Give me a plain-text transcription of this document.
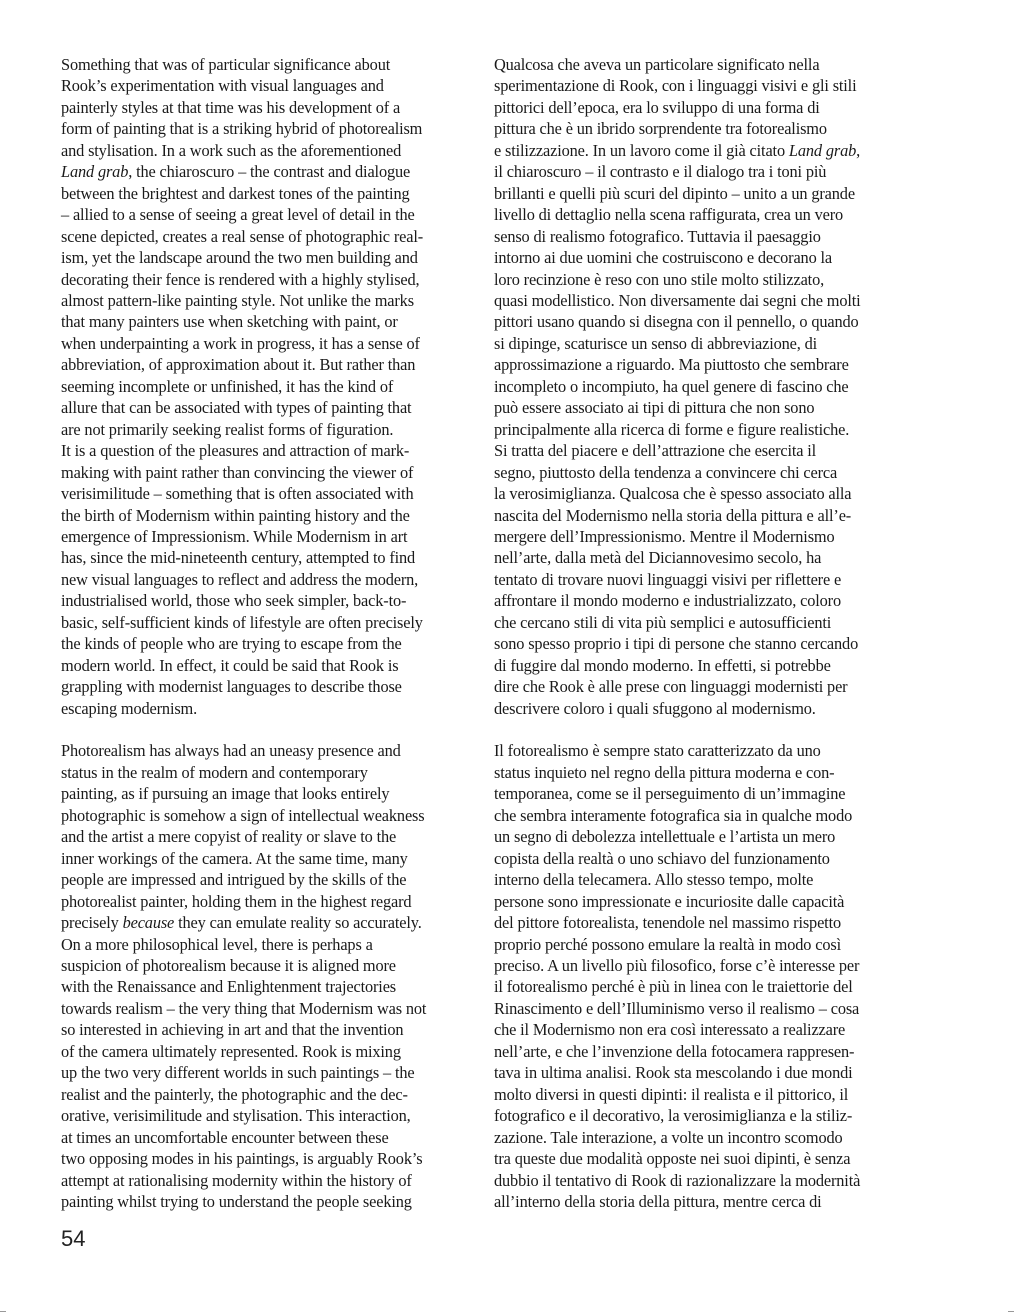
Something that was of particular significance about
Rook’s experimentation with visual languages and
painterly styles at that time was his development of a
form of painting that is a striking hybrid of photorealism
and stylisation. In a work such as the aforementioned
Land grab, the chiaroscuro – the contrast and dialogue
between the brightest and darkest tones of the painting
– allied to a sense of seeing a great level of detail in the
scene depicted, creates a real sense of photographic real-
ism, yet the landscape around the two men building and
decorating their fence is rendered with a highly stylised,
almost pattern-like painting style. Not unlike the marks
that many painters use when sketching with paint, or
when underpainting a work in progress, it has a sense of
abbreviation, of approximation about it. But rather than
seeming incomplete or unfinished, it has the kind of
allure that can be associated with types of painting that
are not primarily seeking realist forms of figuration.
It is a question of the pleasures and attraction of mark-
making with paint rather than convincing the viewer of
verisimilitude – something that is often associated with
the birth of Modernism within painting history and the
emergence of Impressionism. While Modernism in art
has, since the mid-nineteenth century, attempted to find
new visual languages to reflect and address the modern,
industrialised world, those who seek simpler, back-to-
basic, self-sufficient kinds of lifestyle are often precisely
the kinds of people who are trying to escape from the
modern world. In effect, it could be said that Rook is
grappling with modernist languages to describe those
escaping modernism.
Photorealism has always had an uneasy presence and
status in the realm of modern and contemporary
painting, as if pursuing an image that looks entirely
photographic is somehow a sign of intellectual weakness
and the artist a mere copyist of reality or slave to the
inner workings of the camera. At the same time, many
people are impressed and intrigued by the skills of the
photorealist painter, holding them in the highest regard
precisely because they can emulate reality so accurately.
On a more philosophical level, there is perhaps a
suspicion of photorealism because it is aligned more
with the Renaissance and Enlightenment trajectories
towards realism – the very thing that Modernism was not
so interested in achieving in art and that the invention
of the camera ultimately represented. Rook is mixing
up the two very different worlds in such paintings – the
realist and the painterly, the photographic and the dec-
orative, verisimilitude and stylisation. This interaction,
at times an uncomfortable encounter between these
two opposing modes in his paintings, is arguably Rook’s
attempt at rationalising modernity within the history of
painting whilst trying to understand the people seeking
Qualcosa che aveva un particolare significato nella
sperimentazione di Rook, con i linguaggi visivi e gli stili
pittorici dell’epoca, era lo sviluppo di una forma di
pittura che è un ibrido sorprendente tra fotorealismo
e stilizzazione. In un lavoro come il già citato Land grab,
il chiaroscuro – il contrasto e il dialogo tra i toni più
brillanti e quelli più scuri del dipinto – unito a un grande
livello di dettaglio nella scena raffigurata, crea un vero
senso di realismo fotografico. Tuttavia il paesaggio
intorno ai due uomini che costruiscono e decorano la
loro recinzione è reso con uno stile molto stilizzato,
quasi modellistico. Non diversamente dai segni che molti
pittori usano quando si disegna con il pennello, o quando
si dipinge, scaturisce un senso di abbreviazione, di
approssimazione a riguardo. Ma piuttosto che sembrare
incompleto o incompiuto, ha quel genere di fascino che
può essere associato ai tipi di pittura che non sono
principalmente alla ricerca di forme e figure realistiche.
Si tratta del piacere e dell’attrazione che esercita il
segno, piuttosto della tendenza a convincere chi cerca
la verosimiglianza. Qualcosa che è spesso associato alla
nascita del Modernismo nella storia della pittura e all’e-
mergere dell’Impressionismo. Mentre il Modernismo
nell’arte, dalla metà del Diciannovesimo secolo, ha
tentato di trovare nuovi linguaggi visivi per riflettere e
affrontare il mondo moderno e industrializzato, coloro
che cercano stili di vita più semplici e autosufficienti
sono spesso proprio i tipi di persone che stanno cercando
di fuggire dal mondo moderno. In effetti, si potrebbe
dire che Rook è alle prese con linguaggi modernisti per
descrivere coloro i quali sfuggono al modernismo.
Il fotorealismo è sempre stato caratterizzato da uno
status inquieto nel regno della pittura moderna e con-
temporanea, come se il perseguimento di un’immagine
che sembra interamente fotografica sia in qualche modo
un segno di debolezza intellettuale e l’artista un mero
copista della realtà o uno schiavo del funzionamento
interno della telecamera. Allo stesso tempo, molte
persone sono impressionate e incuriosite dalle capacità
del pittore fotorealista, tenendole nel massimo rispetto
proprio perché possono emulare la realtà in modo così
preciso. A un livello più filosofico, forse c’è interesse per
il fotorealismo perché è più in linea con le traiettorie del
Rinascimento e dell’Illuminismo verso il realismo – cosa
che il Modernismo non era così interessato a realizzare
nell’arte, e che l’invenzione della fotocamera rappresen-
tava in ultima analisi. Rook sta mescolando i due mondi
molto diversi in questi dipinti: il realista e il pittorico, il
fotografico e il decorativo, la verosimiglianza e la stiliz-
zazione. Tale interazione, a volte un incontro scomodo
tra queste due modalità opposte nei suoi dipinti, è senza
dubbio il tentativo di Rook di razionalizzare la modernità
all’interno della storia della pittura, mentre cerca di
54
